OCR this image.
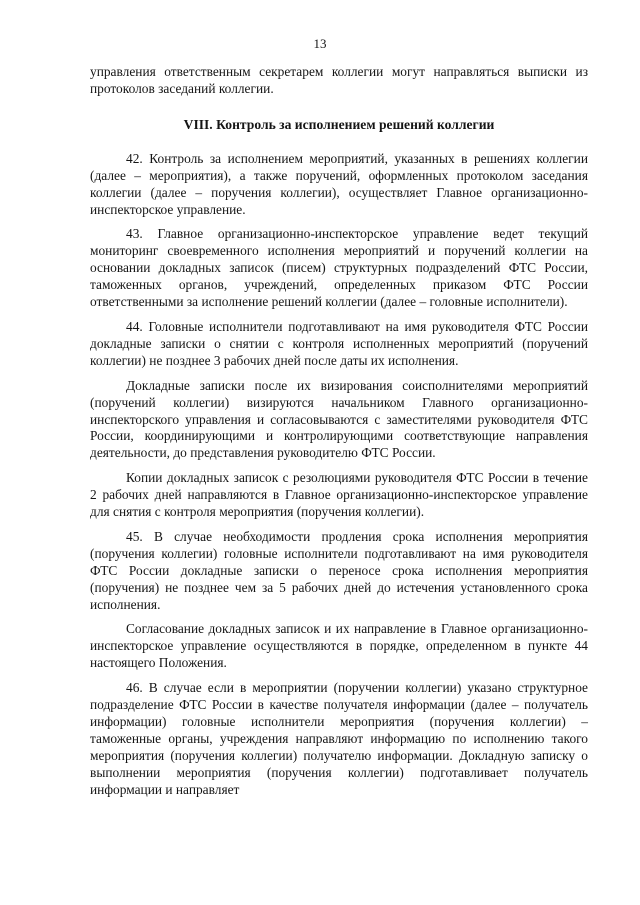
13

управления ответственным секретарем коллегии могут направляться выписки из протоколов заседаний коллегии.

VIII. Контроль за исполнением решений коллегии

42. Контроль за исполнением мероприятий, указанных в решениях коллегии (далее – мероприятия), а также поручений, оформленных протоколом заседания коллегии (далее – поручения коллегии), осуществляет Главное организационно-инспекторское управление.

43. Главное организационно-инспекторское управление ведет текущий мониторинг своевременного исполнения мероприятий и поручений коллегии на основании докладных записок (писем) структурных подразделений ФТС России, таможенных органов, учреждений, определенных приказом ФТС России ответственными за исполнение решений коллегии (далее – головные исполнители).

44. Головные исполнители подготавливают на имя руководителя ФТС России докладные записки о снятии с контроля исполненных мероприятий (поручений коллегии) не позднее 3 рабочих дней после даты их исполнения.

Докладные записки после их визирования соисполнителями мероприятий (поручений коллегии) визируются начальником Главного организационно-инспекторского управления и согласовываются с заместителями руководителя ФТС России, координирующими и контролирующими соответствующие направления деятельности, до представления руководителю ФТС России.

Копии докладных записок с резолюциями руководителя ФТС России в течение 2 рабочих дней направляются в Главное организационно-инспекторское управление для снятия с контроля мероприятия (поручения коллегии).

45. В случае необходимости продления срока исполнения мероприятия (поручения коллегии) головные исполнители подготавливают на имя руководителя ФТС России докладные записки о переносе срока исполнения мероприятия (поручения) не позднее чем за 5 рабочих дней до истечения установленного срока исполнения.

Согласование докладных записок и их направление в Главное организационно-инспекторское управление осуществляются в порядке, определенном в пункте 44 настоящего Положения.

46. В случае если в мероприятии (поручении коллегии) указано структурное подразделение ФТС России в качестве получателя информации (далее – получатель информации) головные исполнители мероприятия (поручения коллегии) – таможенные органы, учреждения направляют информацию по исполнению такого мероприятия (поручения коллегии) получателю информации. Докладную записку о выполнении мероприятия (поручения коллегии) подготавливает получатель информации и направляет
